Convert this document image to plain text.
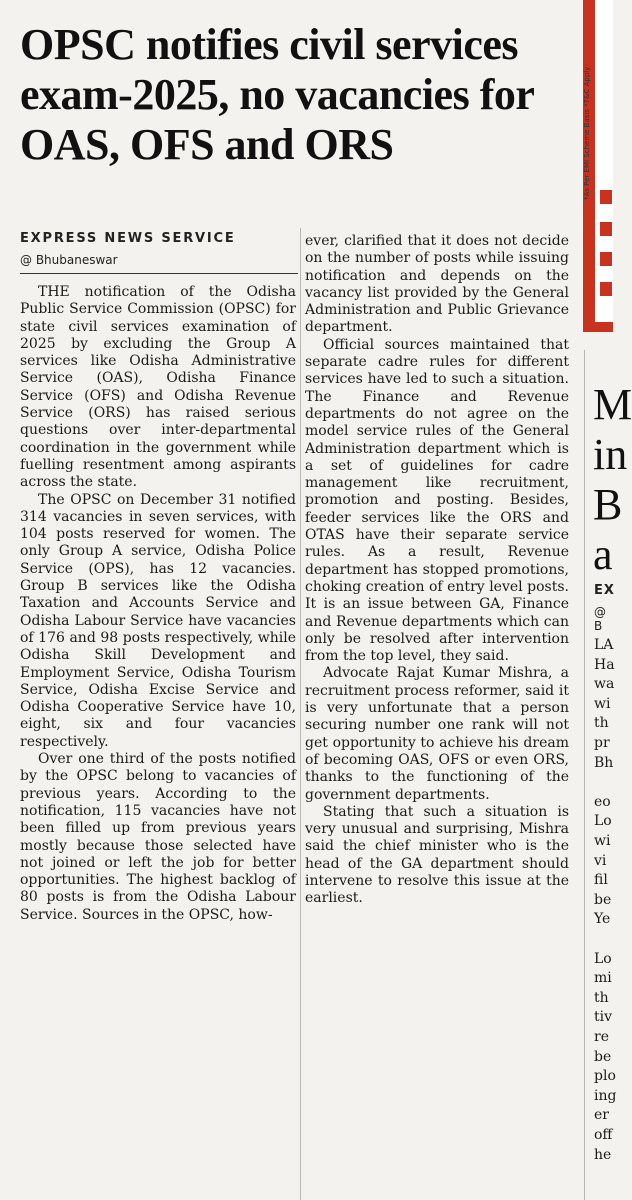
OPSC notifies civil services exam-2025, no vacancies for OAS, OFS and ORS
EXPRESS NEWS SERVICE
@ Bhubaneswar

THE notification of the Odisha Public Service Commission (OPSC) for state civil services examination of 2025 by excluding the Group A services like Odisha Administrative Service (OAS), Odisha Finance Service (OFS) and Odisha Revenue Service (ORS) has raised serious questions over inter-departmental coordination in the government while fuelling resentment among aspirants across the state.

The OPSC on December 31 notified 314 vacancies in seven services, with 104 posts reserved for women. The only Group A service, Odisha Police Service (OPS), has 12 vacancies. Group B services like the Odisha Taxation and Accounts Service and Odisha Labour Service have vacancies of 176 and 98 posts respectively, while Odisha Skill Development and Employment Service, Odisha Tourism Service, Odisha Excise Service and Odisha Cooperative Service have 10, eight, six and four vacancies respectively.

Over one third of the posts notified by the OPSC belong to vacancies of previous years. According to the notification, 115 vacancies have not been filled up from previous years mostly because those selected have not joined or left the job for better opportunities. The highest backlog of 80 posts is from the Odisha Labour Service. Sources in the OPSC, how-

ever, clarified that it does not decide on the number of posts while issuing notification and depends on the vacancy list provided by the General Administration and Public Grievance department.

Official sources maintained that separate cadre rules for different services have led to such a situation. The Finance and Revenue departments do not agree on the model service rules of the General Administration department which is a set of guidelines for cadre management like recruitment, promotion and posting. Besides, feeder services like the ORS and OTAS have their separate service rules. As a result, Revenue department has stopped promotions, choking creation of entry level posts. It is an issue between GA, Finance and Revenue departments which can only be resolved after intervention from the top level, they said.

Advocate Rajat Kumar Mishra, a recruitment process reformer, said it is very unfortunate that a person securing number one rank will not get opportunity to achieve his dream of becoming OAS, OFS or even ORS, thanks to the functioning of the government departments.

Stating that such a situation is very unusual and surprising, Mishra said the chief minister who is the head of the GA department should intervene to resolve this issue at the earliest.

*As Per EMI Scheme Basis *T&C Apply
M
in
B
a
EX
@ B
LA
Ha
wa
wi
th
pr
Bh
eo
Lo
wi
vi
fil
be
Ye
Lo
mi
th
tiv
re
be
plo
ing
er
off
he
